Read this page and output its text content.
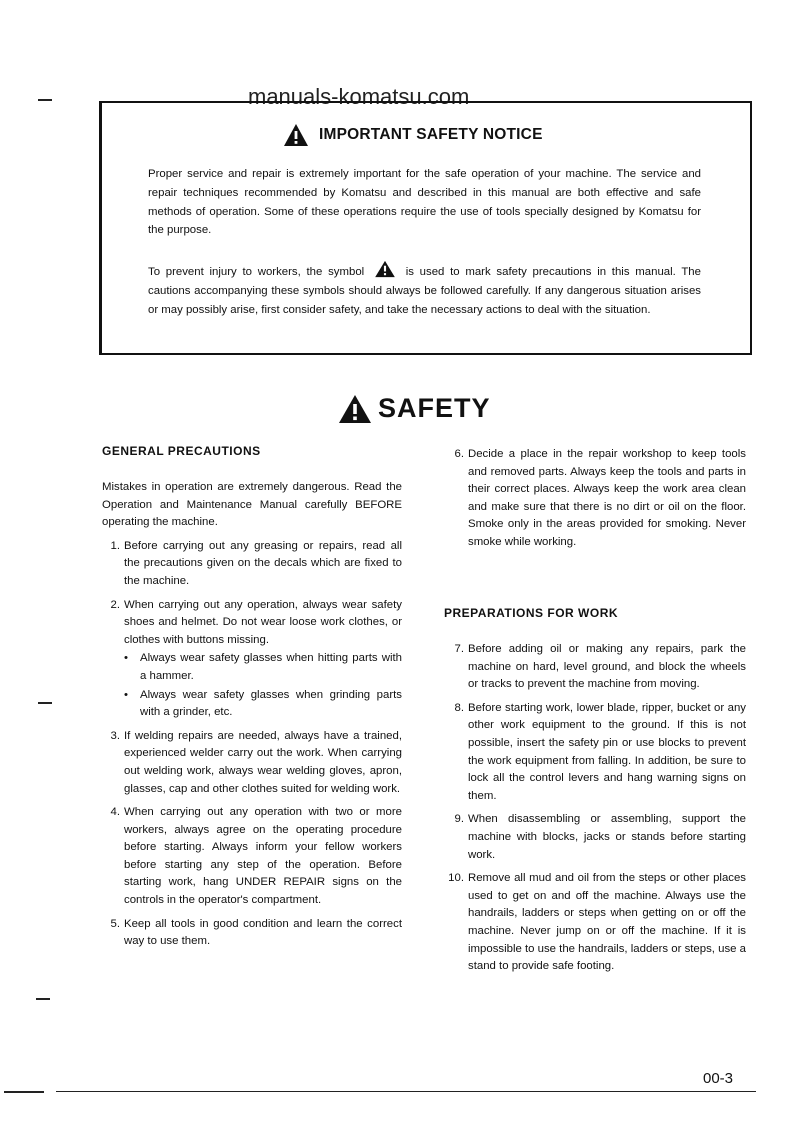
manuals-komatsu.com
IMPORTANT SAFETY NOTICE
Proper service and repair is extremely important for the safe operation of your machine. The service and repair techniques recommended by Komatsu and described in this manual are both effective and safe methods of operation. Some of these operations require the use of tools specially designed by Komatsu for the purpose.
To prevent injury to workers, the symbol	is used to mark safety precautions in this manual. The cautions accompanying these symbols should always be followed carefully. If any dangerous situation arises or may possibly arise, first consider safety, and take the necessary actions to deal with the situation.
SAFETY
GENERAL PRECAUTIONS
Mistakes in operation are extremely dangerous. Read the Operation and Maintenance Manual carefully BEFORE operating the machine.
1. Before carrying out any greasing or repairs, read all the precautions given on the decals which are fixed to the machine.
2. When carrying out any operation, always wear safety shoes and helmet. Do not wear loose work clothes, or clothes with buttons missing.
•	Always wear safety glasses when hitting parts with a hammer.
•	Always wear safety glasses when grinding parts with a grinder, etc.
3. If welding repairs are needed, always have a trained, experienced welder carry out the work. When carrying out welding work, always wear welding gloves, apron, glasses, cap and other clothes suited for welding work.
4. When carrying out any operation with two or more workers, always agree on the operating procedure before starting. Always inform your fellow workers before starting any step of the operation. Before starting work, hang UNDER REPAIR signs on the controls in the operator's compartment.
5. Keep all tools in good condition and learn the correct way to use them.
6. Decide a place in the repair workshop to keep tools and removed parts. Always keep the tools and parts in their correct places. Always keep the work area clean and make sure that there is no dirt or oil on the floor. Smoke only in the areas provided for smoking. Never smoke while working.
PREPARATIONS FOR WORK
7. Before adding oil or making any repairs, park the machine on hard, level ground, and block the wheels or tracks to prevent the machine from moving.
8. Before starting work, lower blade, ripper, bucket or any other work equipment to the ground. If this is not possible, insert the safety pin or use blocks to prevent the work equipment from falling. In addition, be sure to lock all the control levers and hang warning signs on them.
9. When disassembling or assembling, support the machine with blocks, jacks or stands before starting work.
10. Remove all mud and oil from the steps or other places used to get on and off the machine. Always use the handrails, ladders or steps when getting on or off the machine. Never jump on or off the machine. If it is impossible to use the handrails, ladders or steps, use a stand to provide safe footing.
00-3
